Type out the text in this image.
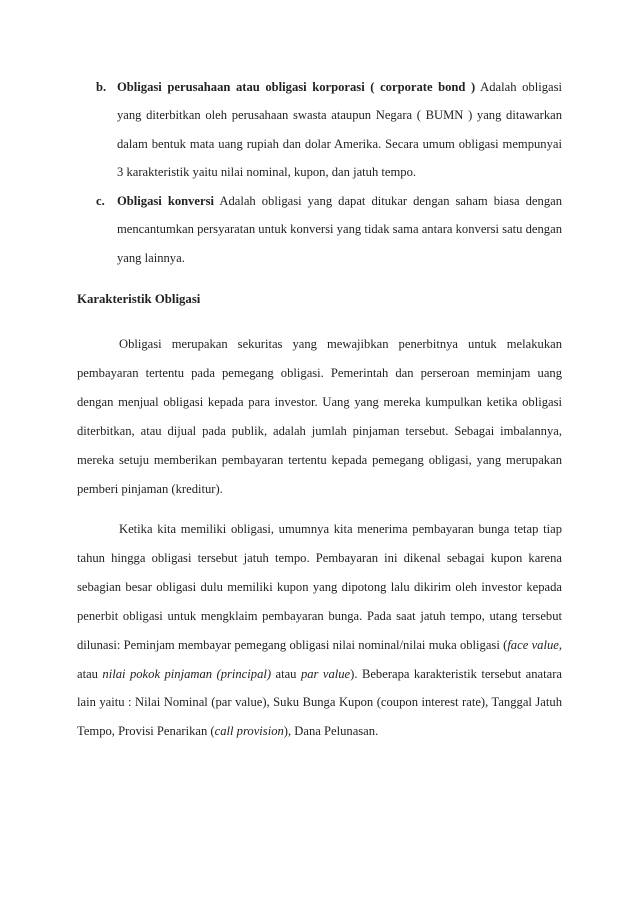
b. Obligasi perusahaan atau obligasi korporasi ( corporate bond ) Adalah obligasi yang diterbitkan oleh perusahaan swasta ataupun Negara ( BUMN ) yang ditawarkan dalam bentuk mata uang rupiah dan dolar Amerika. Secara umum obligasi mempunyai 3 karakteristik yaitu nilai nominal, kupon, dan jatuh tempo.
c. Obligasi konversi Adalah obligasi yang dapat ditukar dengan saham biasa dengan mencantumkan persyaratan untuk konversi yang tidak sama antara konversi satu dengan yang lainnya.
Karakteristik Obligasi

Obligasi merupakan sekuritas yang mewajibkan penerbitnya untuk melakukan pembayaran tertentu pada pemegang obligasi. Pemerintah dan perseroan meminjam uang dengan menjual obligasi kepada para investor. Uang yang mereka kumpulkan ketika obligasi diterbitkan, atau dijual pada publik, adalah jumlah pinjaman tersebut. Sebagai imbalannya, mereka setuju memberikan pembayaran tertentu kepada pemegang obligasi, yang merupakan pemberi pinjaman (kreditur).

Ketika kita memiliki obligasi, umumnya kita menerima pembayaran bunga tetap tiap tahun hingga obligasi tersebut jatuh tempo. Pembayaran ini dikenal sebagai kupon karena sebagian besar obligasi dulu memiliki kupon yang dipotong lalu dikirim oleh investor kepada penerbit obligasi untuk mengklaim pembayaran bunga. Pada saat jatuh tempo, utang tersebut dilunasi: Peminjam membayar pemegang obligasi nilai nominal/nilai muka obligasi (face value, atau nilai pokok pinjaman (principal) atau par value). Beberapa karakteristik tersebut anatara lain yaitu : Nilai Nominal (par value), Suku Bunga Kupon (coupon interest rate), Tanggal Jatuh Tempo, Provisi Penarikan (call provision), Dana Pelunasan.
